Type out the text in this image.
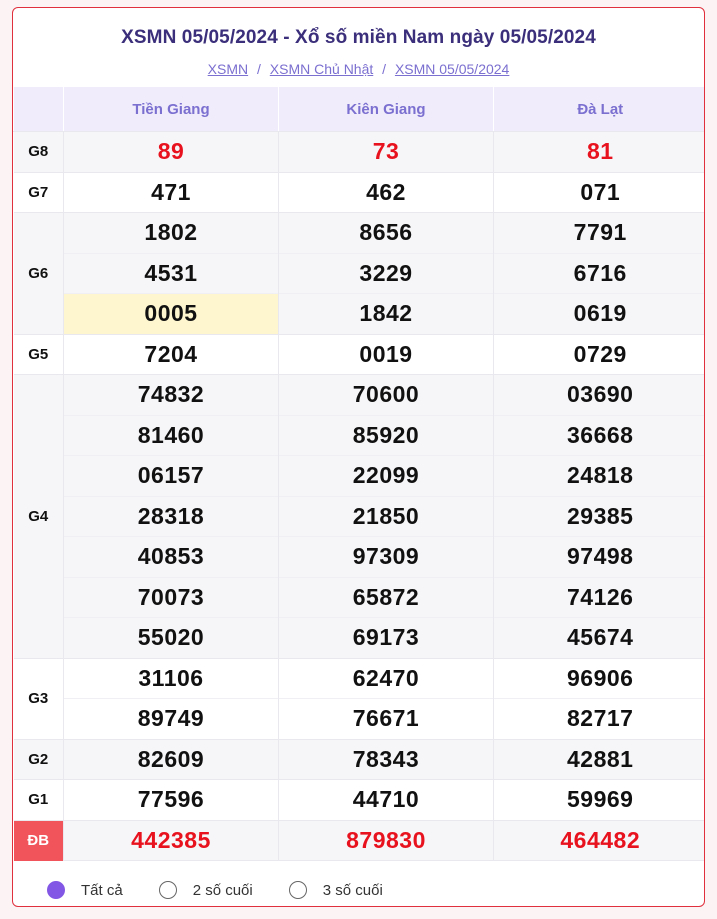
XSMN 05/05/2024 - Xổ số miền Nam ngày 05/05/2024
XSMN / XSMN Chủ Nhật / XSMN 05/05/2024
	Tiền Giang	Kiên Giang	Đà Lạt
G8	89	73	81

G7	471	462	071

G6	1802	8656	7791

	4531	3229	6716

	0005	1842	0619

G5	7204	0019	0729

G4	74832	70600	03690

	81460	85920	36668

	06157	22099	24818

	28318	21850	29385

	40853	97309	97498

	70073	65872	74126

	55020	69173	45674

G3	31106	62470	96906

	89749	76671	82717

G2	82609	78343	42881

G1	77596	44710	59969

ĐB	442385	879830	464482
Tất cả	2 số cuối	3 số cuối
